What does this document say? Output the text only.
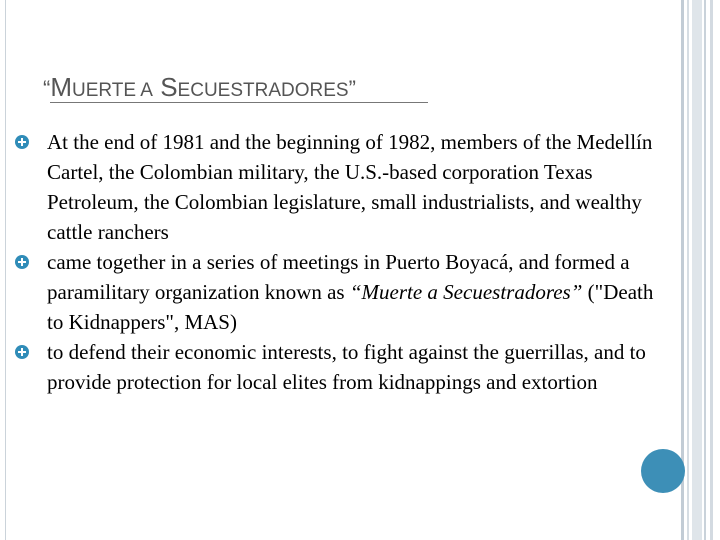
“MUERTE A SECUESTRADORES”
At the end of 1981 and the beginning of 1982, members of the Medellín Cartel, the Colombian military, the U.S.-based corporation Texas Petroleum, the Colombian legislature, small industrialists, and wealthy cattle ranchers
came together in a series of meetings in Puerto Boyacá, and formed a paramilitary organization known as “Muerte a Secuestradores” ("Death to Kidnappers", MAS)
to defend their economic interests, to fight against the guerrillas, and to provide protection for local elites from kidnappings and extortion
